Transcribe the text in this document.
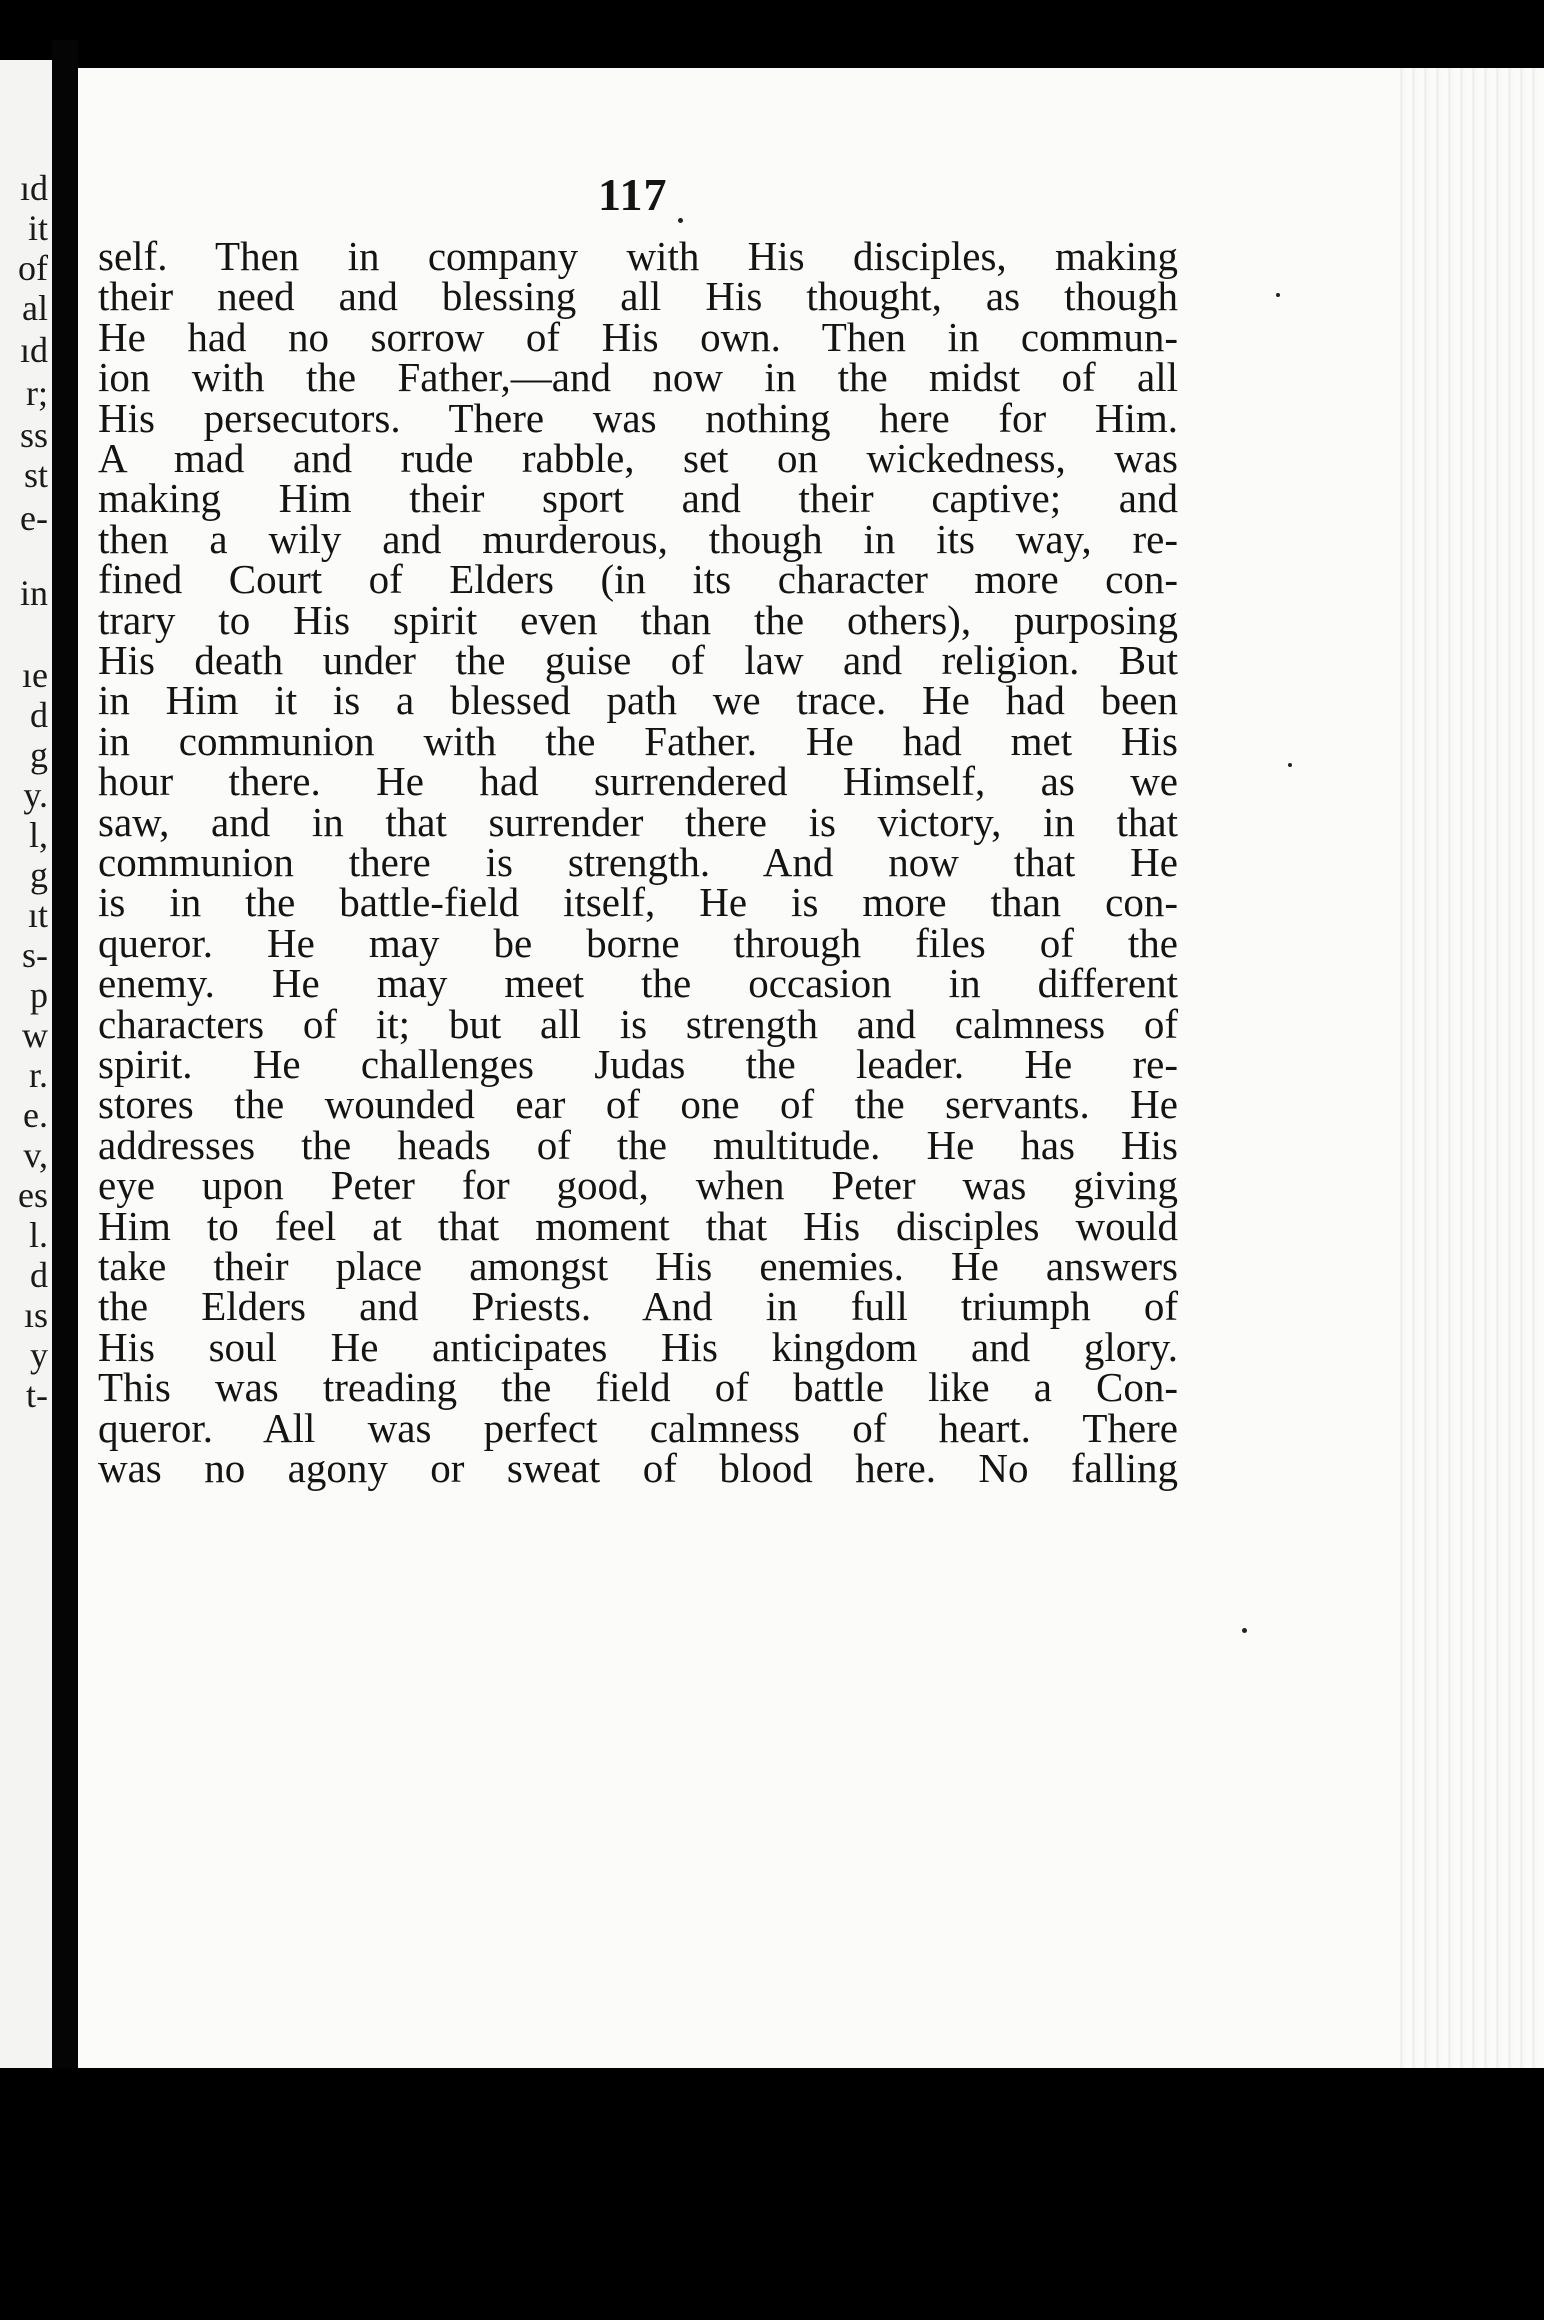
ıd
it
of
al
ıd
r;
ss
st
e-
in
ıe
d
g
y.
l,
g
ıt
s-
p
w
r.
e.
v,
es
l.
d
ıs
y
t-
117
self. Then in company with His disciples, making
their need and blessing all His thought, as though
He had no sorrow of His own. Then in commun-
ion with the Father,—and now in the midst of all
His persecutors. There was nothing here for Him.
A mad and rude rabble, set on wickedness, was
making Him their sport and their captive; and
then a wily and murderous, though in its way, re-
fined Court of Elders (in its character more con-
trary to His spirit even than the others), purposing
His death under the guise of law and religion. But
in Him it is a blessed path we trace. He had been
in communion with the Father. He had met His
hour there. He had surrendered Himself, as we
saw, and in that surrender there is victory, in that
communion there is strength. And now that He
is in the battle-field itself, He is more than con-
queror. He may be borne through files of the
enemy. He may meet the occasion in different
characters of it; but all is strength and calmness of
spirit. He challenges Judas the leader. He re-
stores the wounded ear of one of the servants. He
addresses the heads of the multitude. He has His
eye upon Peter for good, when Peter was giving
Him to feel at that moment that His disciples would
take their place amongst His enemies. He answers
the Elders and Priests. And in full triumph of
His soul He anticipates His kingdom and glory.
This was treading the field of battle like a Con-
queror. All was perfect calmness of heart. There
was no agony or sweat of blood here. No falling
